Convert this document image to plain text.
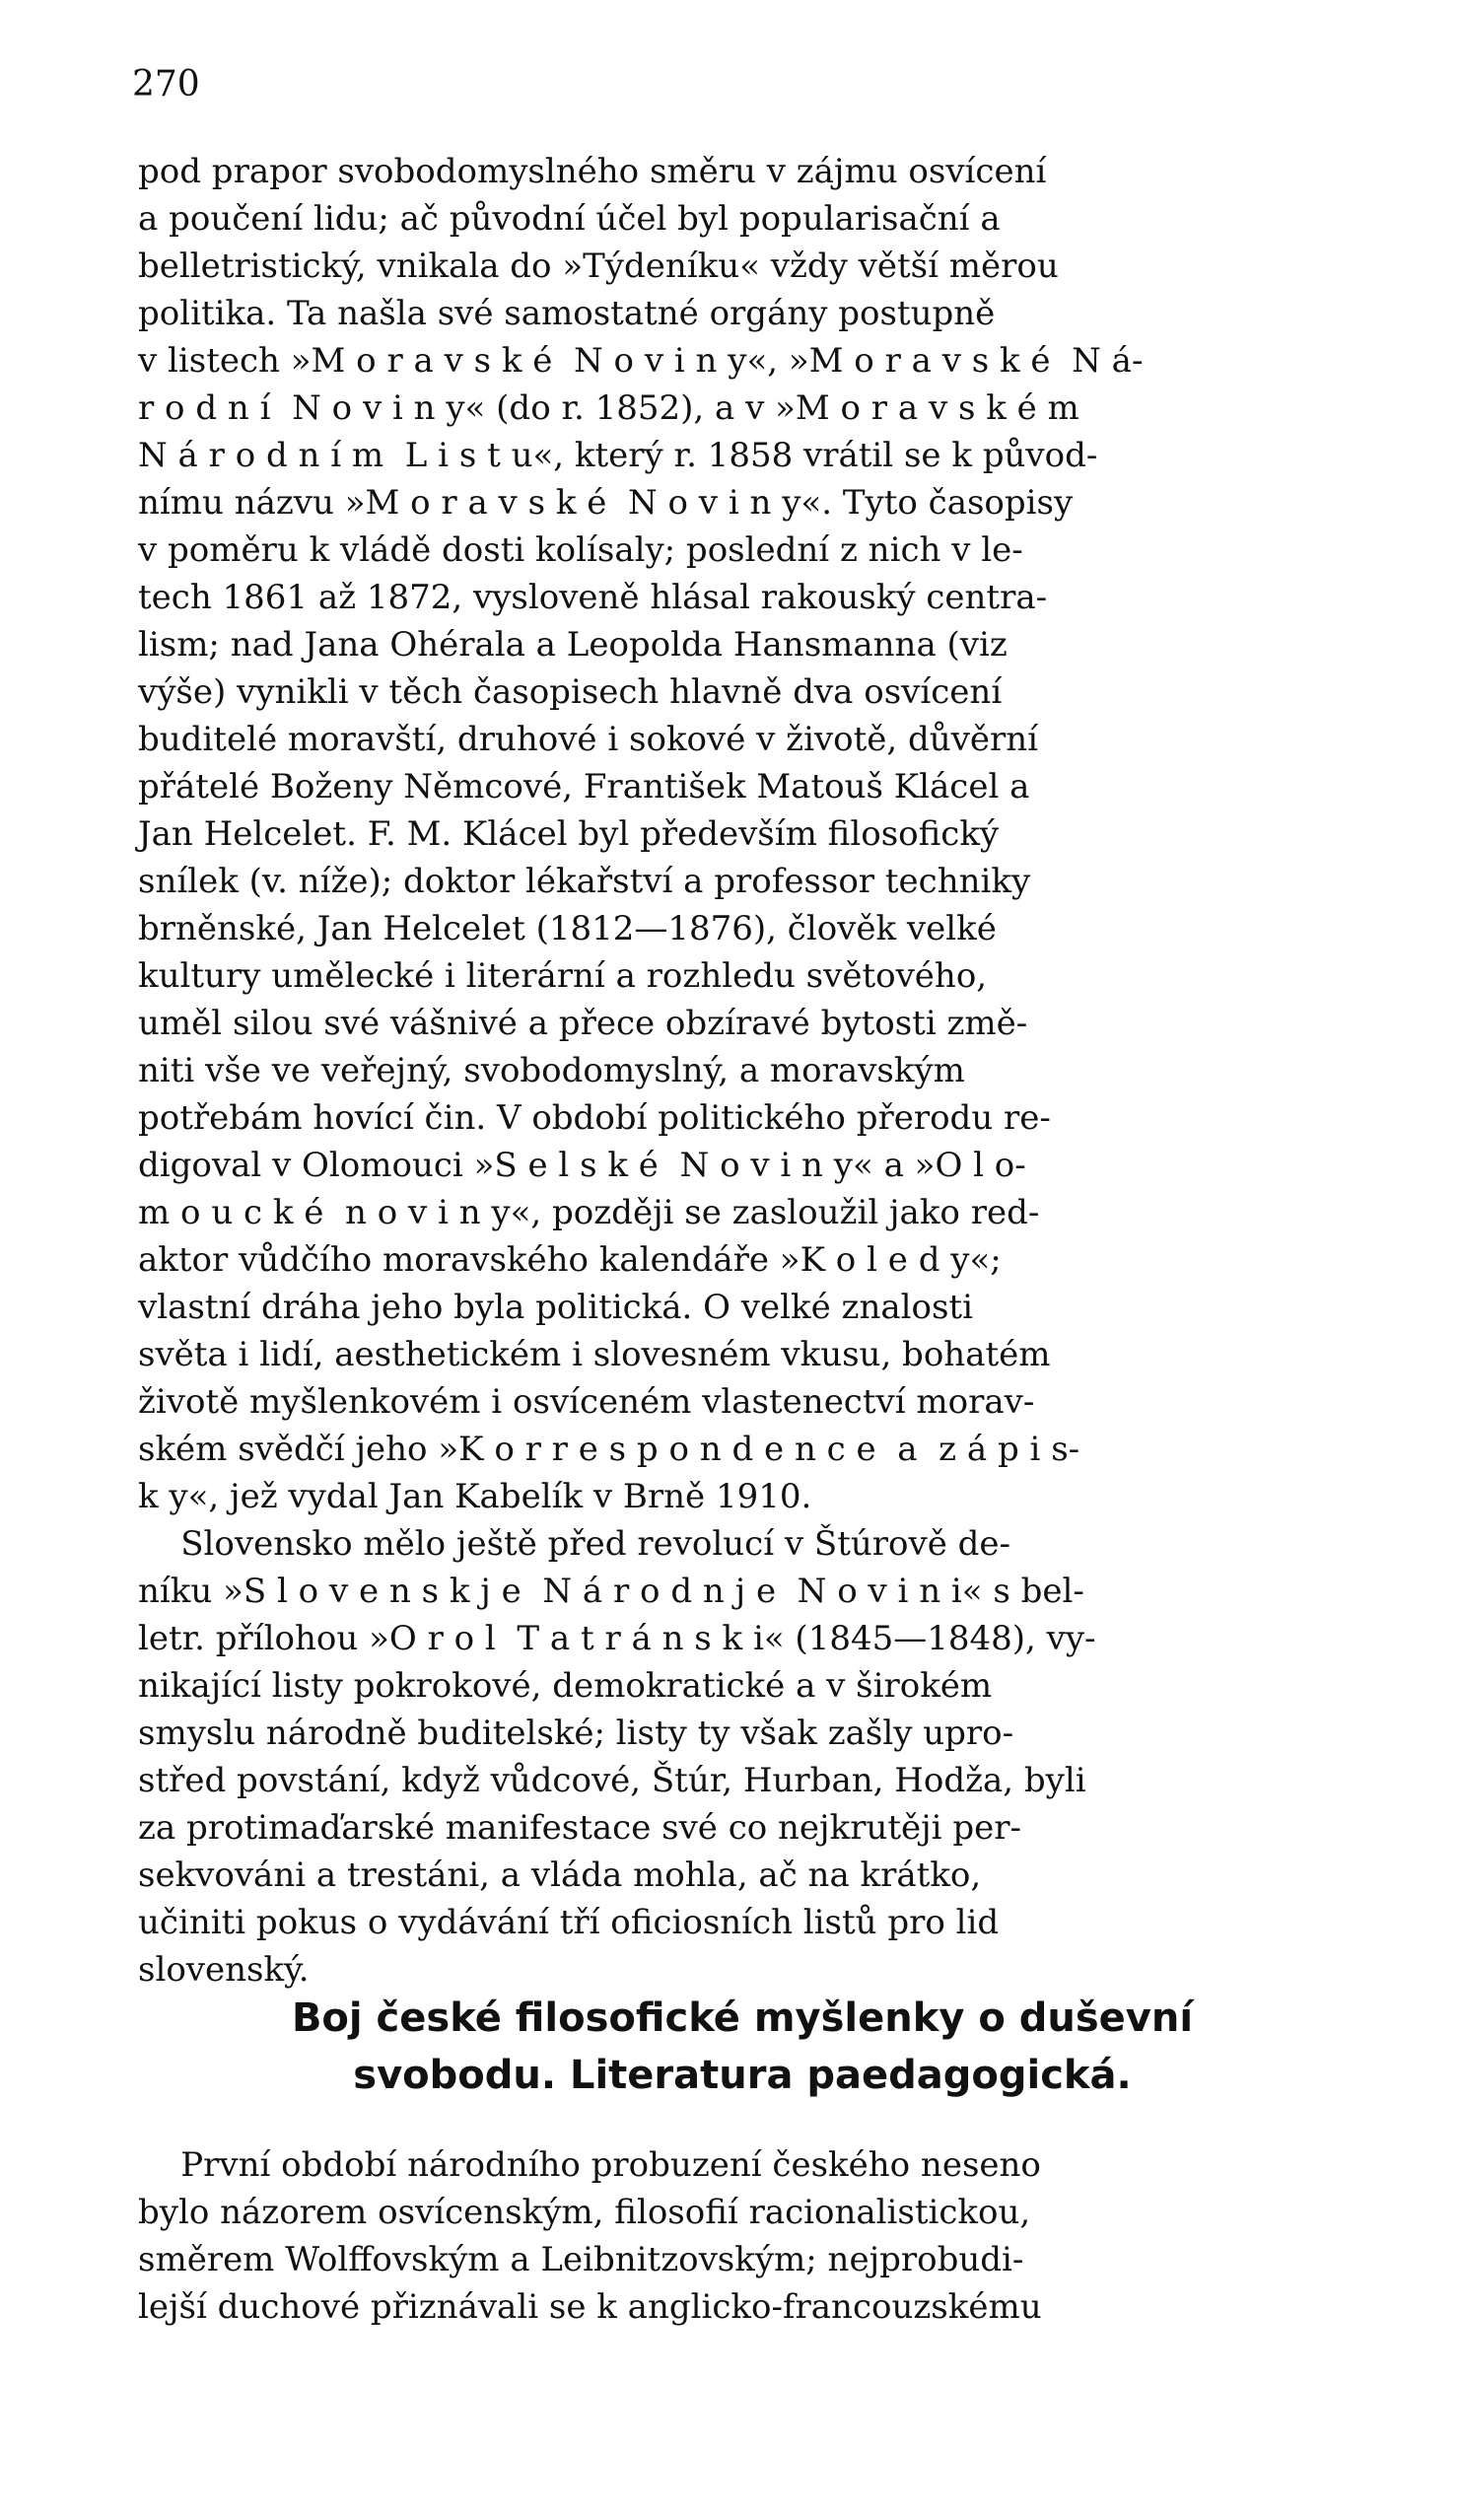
270
pod prapor svobodomyslného směru v zájmu osvícení
a poučení lidu; ač původní účel byl popularisační a
belletristický, vnikala do »Týdeníku« vždy větší měrou
politika. Ta našla své samostatné orgány postupně
v listech »M o r a v s k é  N o v i n y«, »M o r a v s k é  N á-
r o d n í  N o v i n y« (do r. 1852), a v »M o r a v s k é m
N á r o d n í m  L i s t u«, který r. 1858 vrátil se k původ-
nímu názvu »M o r a v s k é  N o v i n y«. Tyto časopisy
v poměru k vládě dosti kolísaly; poslední z nich v le-
tech 1861 až 1872, vysloveně hlásal rakouský centra-
lism; nad Jana Ohérala a Leopolda Hansmanna (viz
výše) vynikli v těch časopisech hlavně dva osvícení
buditelé moravští, druhové i sokové v životě, důvěrní
přátelé Boženy Němcové, František Matouš Klácel a
Jan Helcelet. F. M. Klácel byl především filosofický
snílek (v. níže); doktor lékařství a professor techniky
brněnské, Jan Helcelet (1812—1876), člověk velké
kultury umělecké i literární a rozhledu světového,
uměl silou své vášnivé a přece obzíravé bytosti změ-
niti vše ve veřejný, svobodomyslný, a moravským
potřebám hovící čin. V období politického přerodu re-
digoval v Olomouci »S e l s k é  N o v i n y« a »O l o-
m o u c k é  n o v i n y«, později se zasloužil jako red-
aktor vůdčího moravského kalendáře »K o l e d y«;
vlastní dráha jeho byla politická. O velké znalosti
světa i lidí, aesthetickém i slovesném vkusu, bohatém
životě myšlenkovém i osvíceném vlastenectví morav-
ském svědčí jeho »K o r r e s p o n d e n c e  a  z á p i s-
k y«, jež vydal Jan Kabelík v Brně 1910.
Slovensko mělo ještě před revolucí v Štúrově de-
níku »S l o v e n s k j e  N á r o d n j e  N o v i n i« s bel-
letr. přílohou »O r o l  T a t r á n s k i« (1845—1848), vy-
nikající listy pokrokové, demokratické a v širokém
smyslu národně buditelské; listy ty však zašly upro-
střed povstání, když vůdcové, Štúr, Hurban, Hodža, byli
za protimaďarské manifestace své co nejkrutěji per-
sekvováni a trestáni, a vláda mohla, ač na krátko,
učiniti pokus o vydávání tří oficiosních listů pro lid
slovenský.
Boj české filosofické myšlenky o duševní
svobodu. Literatura paedagogická.
První období národního probuzení českého neseno
bylo názorem osvícenským, filosofií racionalistickou,
směrem Wolffovským a Leibnitzovským; nejprobudi-
lejší duchové přiznávali se k anglicko-francouzskému
